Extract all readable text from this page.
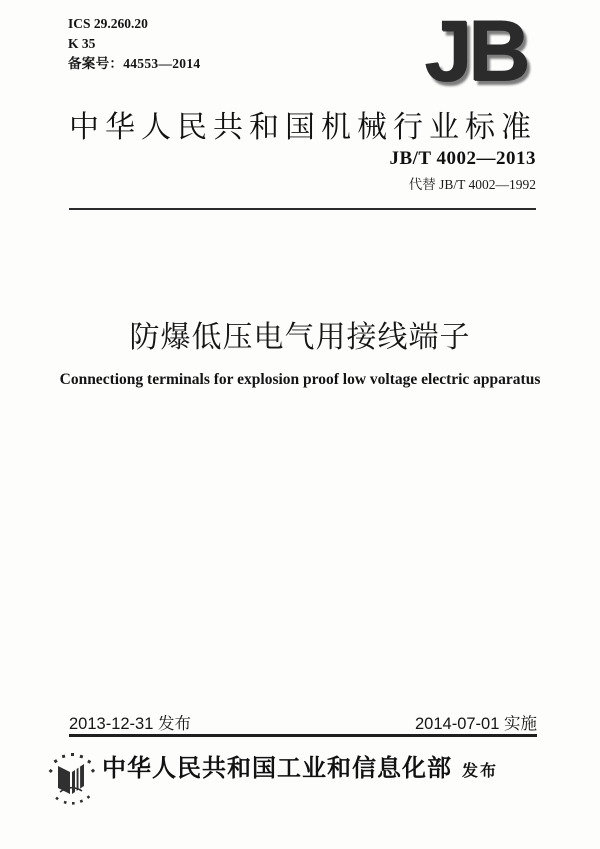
ICS 29.260.20
K 35
备案号：44553—2014	JB
中华人民共和国机械行业标准
JB/T 4002—2013
代替 JB/T 4002—1992
防爆低压电气用接线端子
Connectiong terminals for explosion proof low voltage electric apparatus
2013-12-31 发布	2014-07-01 实施
中华人民共和国工业和信息化部 发布
